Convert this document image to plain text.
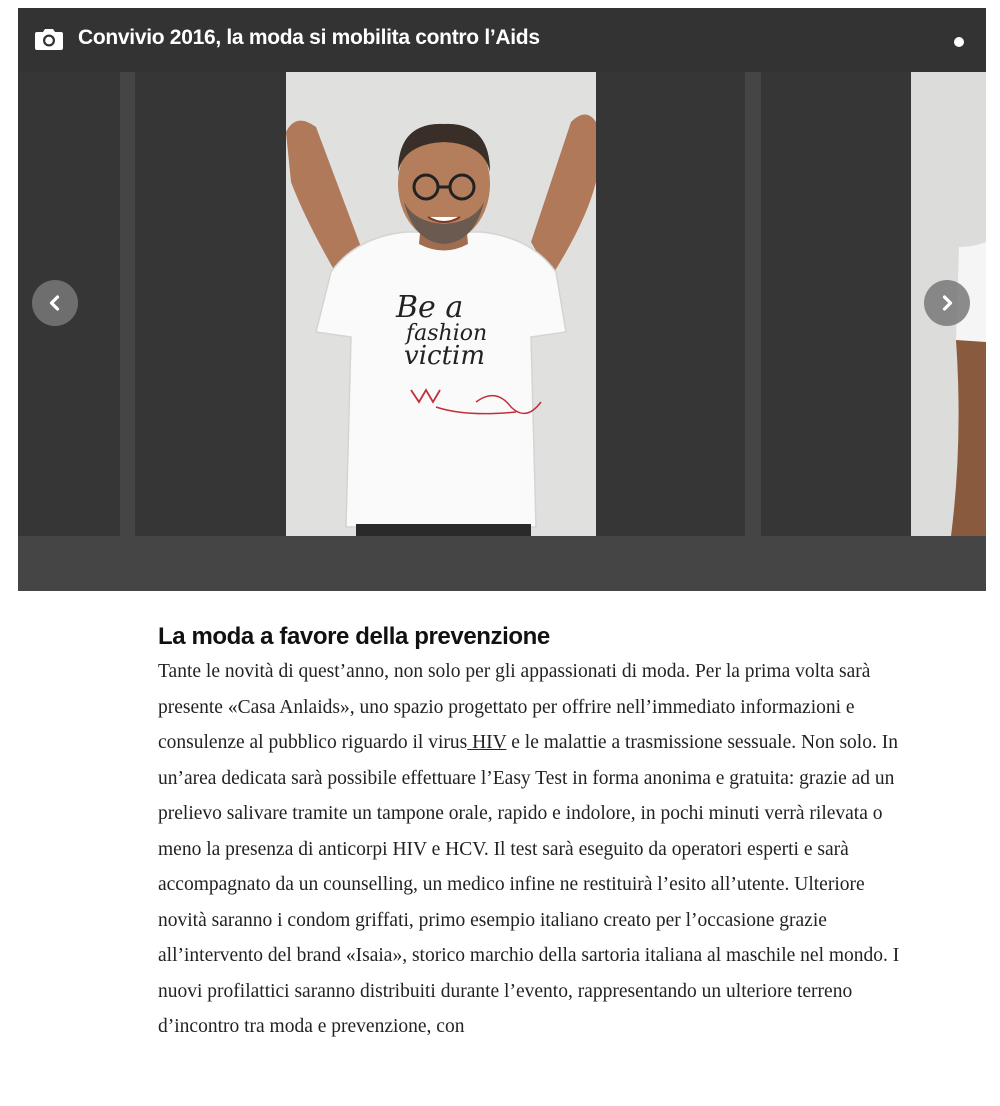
Convivio 2016, la moda si mobilita contro l’Aids
Be a
fashion
victim
La moda a favore della prevenzione

Tante le novità di quest’anno, non solo per gli appassionati di moda. Per la prima volta sarà presente «Casa Anlaids», uno spazio progettato per offrire nell’immediato informazioni e consulenze al pubblico riguardo il virus HIV e le malattie a trasmissione sessuale. Non solo. In un’area dedicata sarà possibile effettuare l’Easy Test in forma anonima e gratuita: grazie ad un prelievo salivare tramite un tampone orale, rapido e indolore, in pochi minuti verrà rilevata o meno la presenza di anticorpi HIV e HCV. Il test sarà eseguito da operatori esperti e sarà accompagnato da un counselling, un medico infine ne restituirà l’esito all’utente. Ulteriore novità saranno i condom griffati, primo esempio italiano creato per l’occasione grazie all’intervento del brand «Isaia», storico marchio della sartoria italiana al maschile nel mondo. I nuovi profilattici saranno distribuiti durante l’evento, rappresentando un ulteriore terreno d’incontro tra moda e prevenzione, con
